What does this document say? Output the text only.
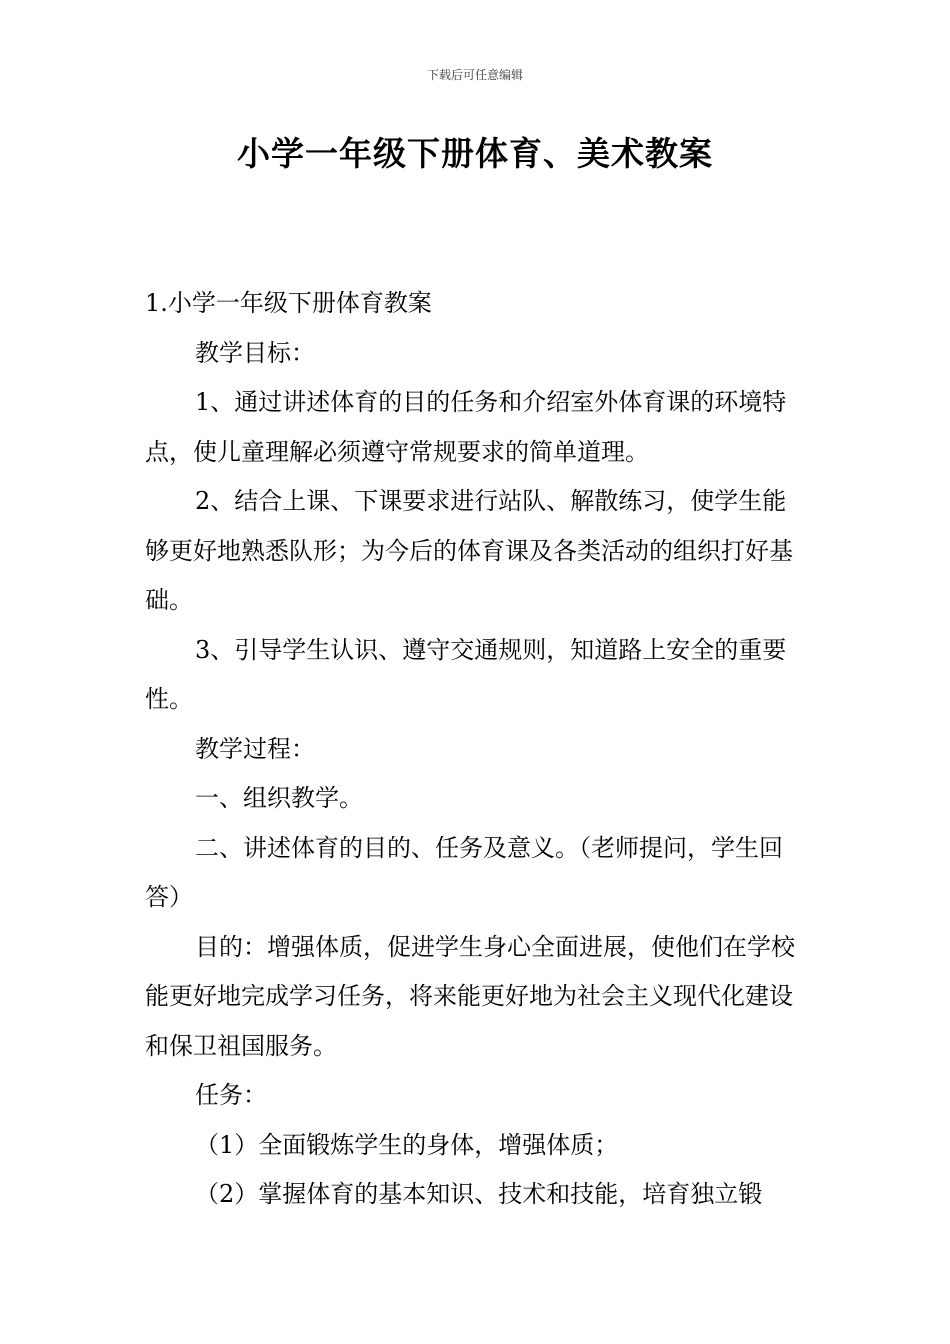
下载后可任意编辑
小学一年级下册体育、美术教案

1.小学一年级下册体育教案

教学目标：

1、通过讲述体育的目的任务和介绍室外体育课的环境特点，使儿童理解必须遵守常规要求的简单道理。

2、结合上课、下课要求进行站队、解散练习，使学生能够更好地熟悉队形；为今后的体育课及各类活动的组织打好基础。

3、引导学生认识、遵守交通规则，知道路上安全的重要性。

教学过程：

一、组织教学。

二、讲述体育的目的、任务及意义。（老师提问，学生回答）

目的：增强体质，促进学生身心全面进展，使他们在学校能更好地完成学习任务，将来能更好地为社会主义现代化建设和保卫祖国服务。

任务：

（1）全面锻炼学生的身体，增强体质；

（2）掌握体育的基本知识、技术和技能，培育独立锻
